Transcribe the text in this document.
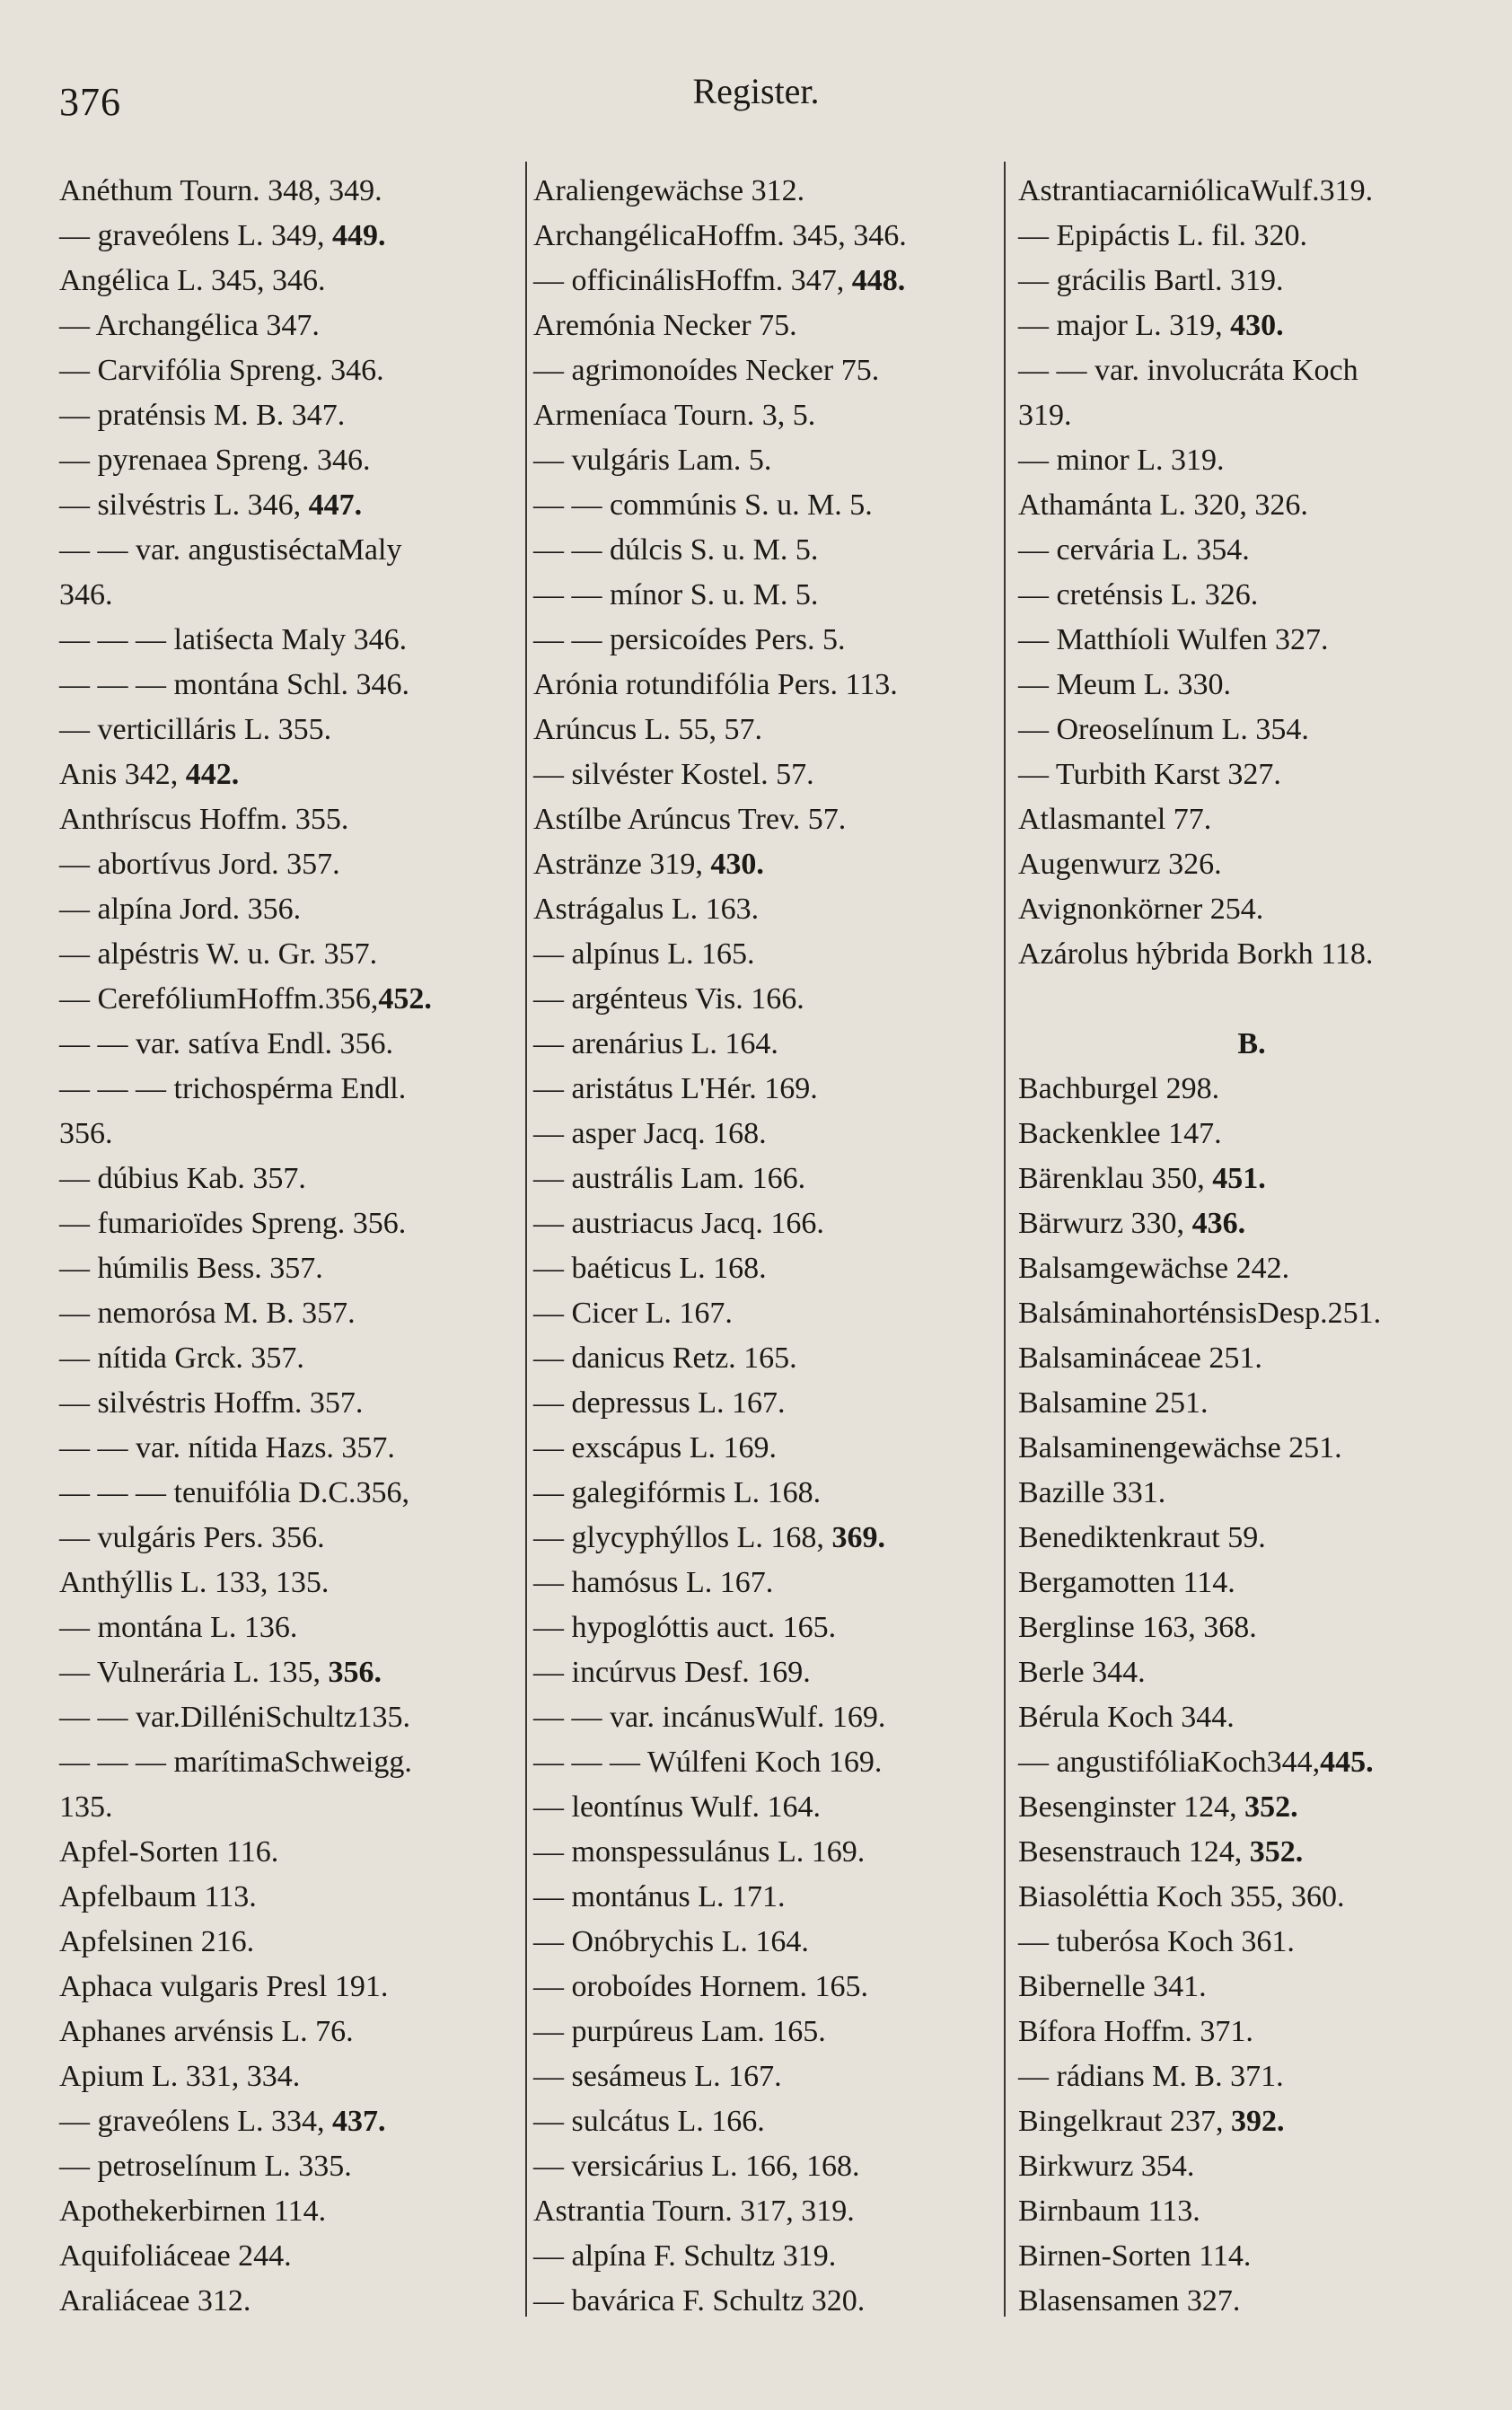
376	Register.
Anéthum Tourn. 348, 349.
— graveólens L. 349, 449.
Angélica L. 345, 346.
— Archangélica 347.
— Carvifólia Spreng. 346.
— praténsis M. B. 347.
— pyrenaea Spreng. 346.
— silvéstris L. 346, 447.
— — var. angustiséctaMaly
346.
— — — latiśecta Maly 346.
— — — montána Schl. 346.
— verticilláris L. 355.
Anis 342, 442.
Anthríscus Hoffm. 355.
— abortívus Jord. 357.
— alpína Jord. 356.
— alpéstris W. u. Gr. 357.
— CerefóliumHoffm.356,452.
— — var. satíva Endl. 356.
— — — trichospérma Endl.
356.
— dúbius Kab. 357.
— fumarioïdes Spreng. 356.
— húmilis Bess. 357.
— nemorósa M. B. 357.
— nítida Grck. 357.
— silvéstris Hoffm. 357.
— — var. nítida Hazs. 357.
— — — tenuifólia D.C.356,
— vulgáris Pers. 356.
Anthýllis L. 133, 135.
— montána L. 136.
— Vulnerária L. 135, 356.
— — var.DilléniSchultz135.
— — — marítimaSchweigg.
135.
Apfel-Sorten 116.
Apfelbaum 113.
Apfelsinen 216.
Aphaca vulgaris Presl 191.
Aphanes arvénsis L. 76.
Apium L. 331, 334.
— graveólens L. 334, 437.
— petroselínum L. 335.
Apothekerbirnen 114.
Aquifoliáceae 244.
Araliáceae 312.
Araliengewächse 312.
ArchangélicaHoffm. 345, 346.
— officinálisHoffm. 347, 448.
Aremónia Necker 75.
— agrimonoídes Necker 75.
Armeníaca Tourn. 3, 5.
— vulgáris Lam. 5.
— — commúnis S. u. M. 5.
— — dúlcis S. u. M. 5.
— — mínor S. u. M. 5.
— — persicoídes Pers. 5.
Arónia rotundifólia Pers. 113.
Arúncus L. 55, 57.
— silvéster Kostel. 57.
Astílbe Arúncus Trev. 57.
Astränze 319, 430.
Astrágalus L. 163.
— alpínus L. 165.
— argénteus Vis. 166.
— arenárius L. 164.
— aristátus L'Hér. 169.
— asper Jacq. 168.
— austrális Lam. 166.
— austriacus Jacq. 166.
— baéticus L. 168.
— Cicer L. 167.
— danicus Retz. 165.
— depressus L. 167.
— exscápus L. 169.
— galegifórmis L. 168.
— glycyphýllos L. 168, 369.
— hamósus L. 167.
— hypoglóttis auct. 165.
— incúrvus Desf. 169.
— — var. incánusWulf. 169.
— — — Wúlfeni Koch 169.
— leontínus Wulf. 164.
— monspessulánus L. 169.
— montánus L. 171.
— Onóbrychis L. 164.
— oroboídes Hornem. 165.
— purpúreus Lam. 165.
— sesámeus L. 167.
— sulcátus L. 166.
— versicárius L. 166, 168.
Astrantia Tourn. 317, 319.
— alpína F. Schultz 319.
— bavárica F. Schultz 320.
AstrantiacarniólicaWulf.319.
— Epipáctis L. fil. 320.
— grácilis Bartl. 319.
— major L. 319, 430.
— — var. involucráta Koch
319.
— minor L. 319.
Athamánta L. 320, 326.
— cervária L. 354.
— creténsis L. 326.
— Matthíoli Wulfen 327.
— Meum L. 330.
— Oreoselínum L. 354.
— Turbith Karst 327.
Atlasmantel 77.
Augenwurz 326.
Avignonkörner 254.
Azárolus hýbrida Borkh 118.
B.
Bachburgel 298.
Backenklee 147.
Bärenklau 350, 451.
Bärwurz 330, 436.
Balsamgewächse 242.
BalsáminahorténsisDesp.251.
Balsamináceae 251.
Balsamine 251.
Balsaminengewächse 251.
Bazille 331.
Benediktenkraut 59.
Bergamotten 114.
Berglinse 163, 368.
Berle 344.
Bérula Koch 344.
— angustifóliaKoch344,445.
Besenginster 124, 352.
Besenstrauch 124, 352.
Biasoléttia Koch 355, 360.
— tuberósa Koch 361.
Bibernelle 341.
Bífora Hoffm. 371.
— rádians M. B. 371.
Bingelkraut 237, 392.
Birkwurz 354.
Birnbaum 113.
Birnen-Sorten 114.
Blasensamen 327.
